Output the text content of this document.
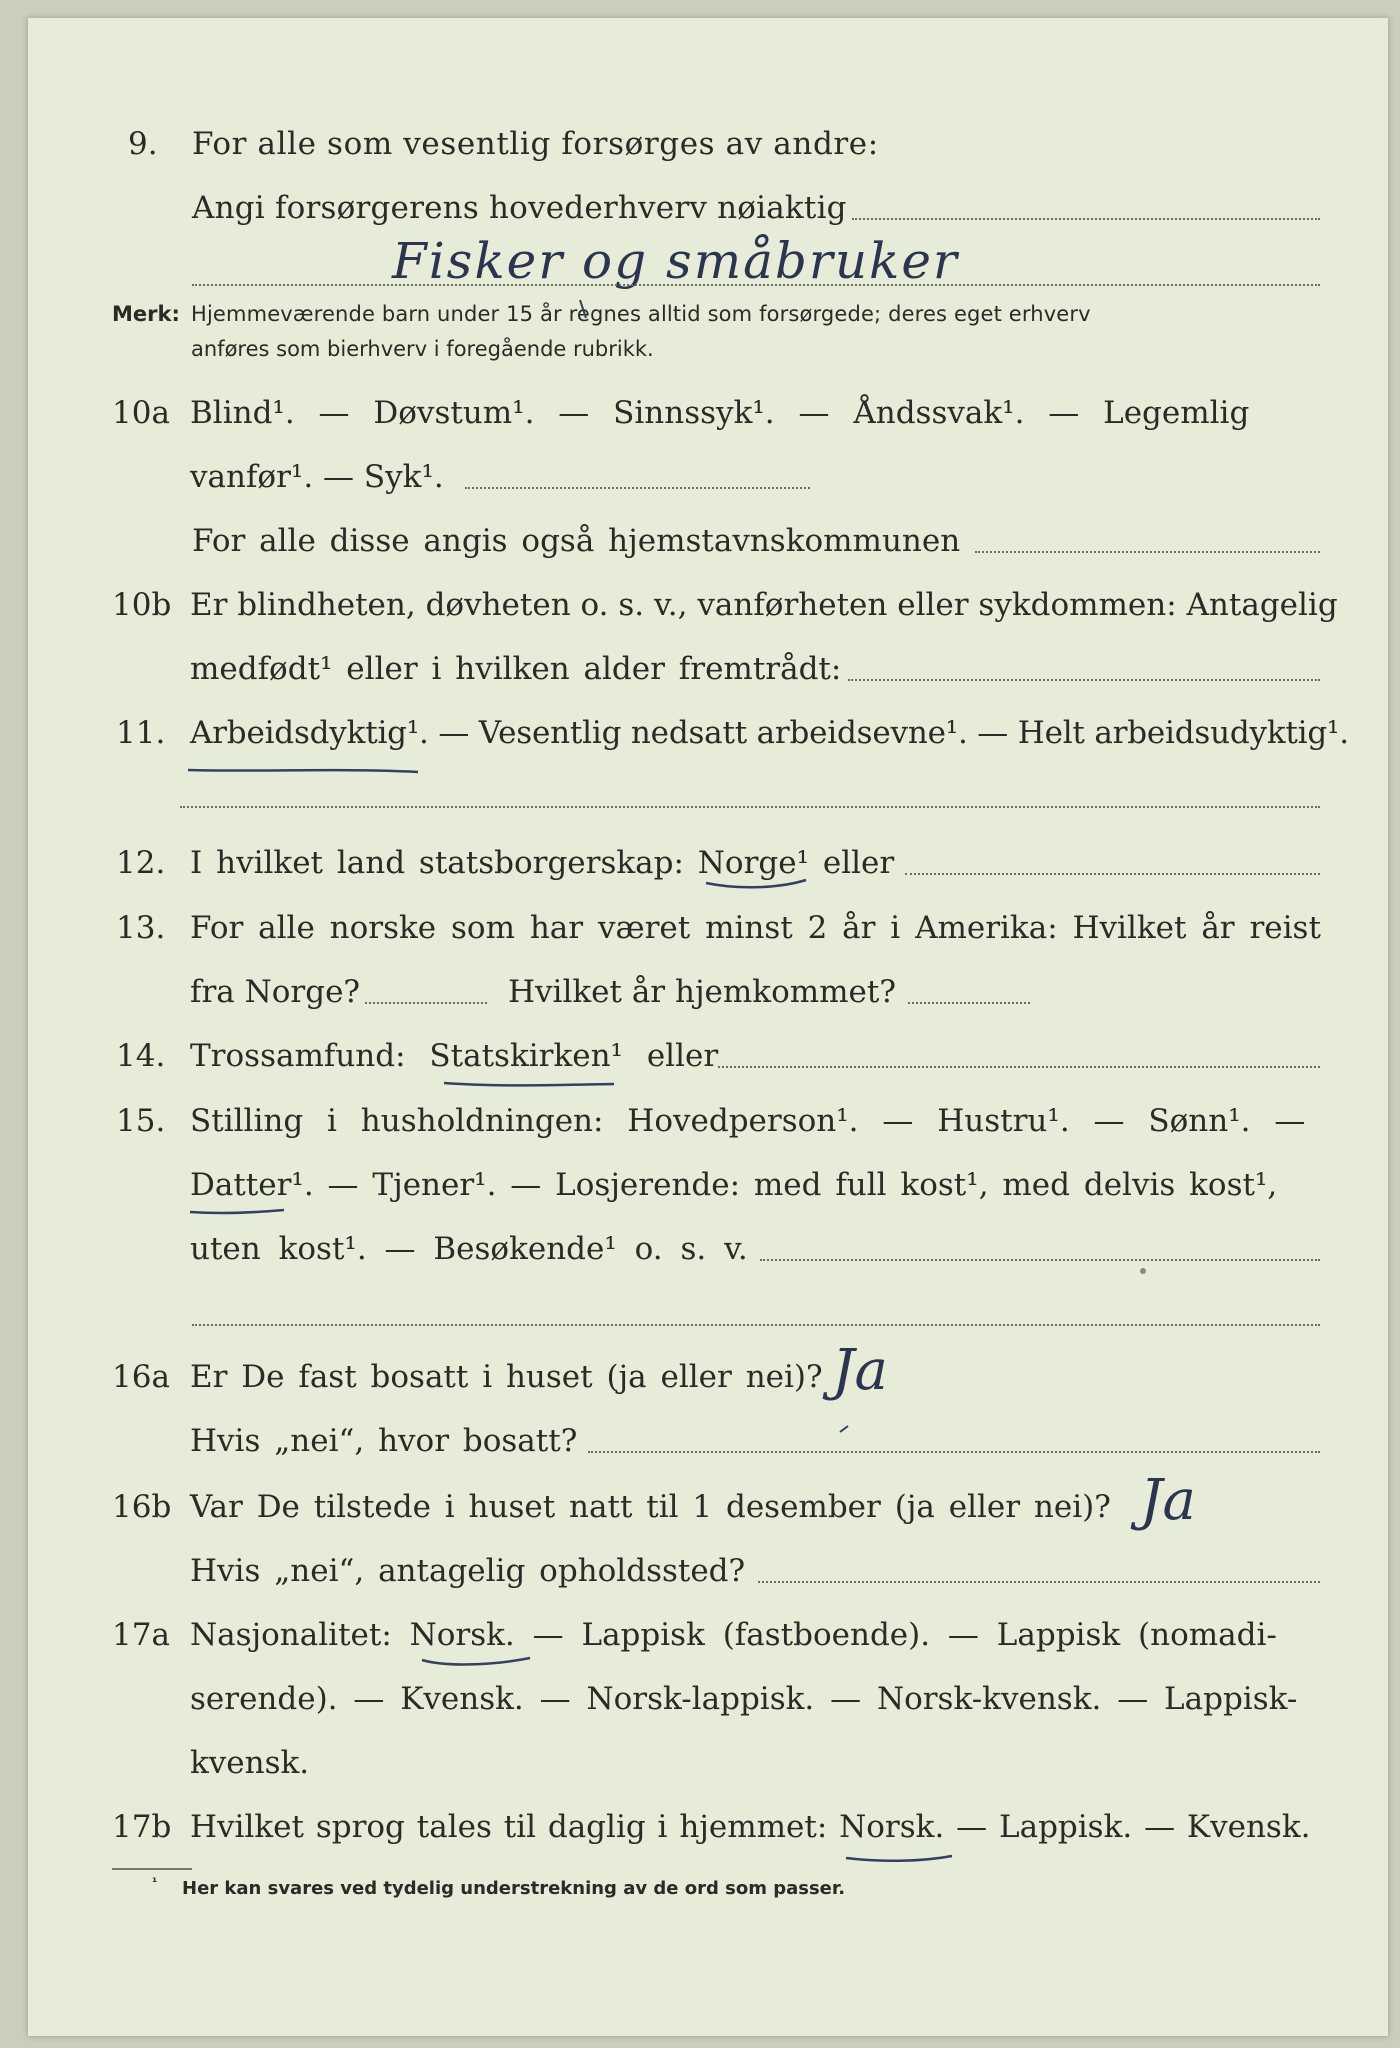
9. For alle som vesentlig forsørges av andre:
Angi forsørgerens hovederhverv nøiaktig
Fisker og småbruker
Merk: Hjemmeværende barn under 15 år regnes alltid som forsørgede; deres eget erhverv
anføres som bierhverv i foregående rubrikk.
10a Blind¹. — Døvstum¹. — Sinnssyk¹. — Åndssvak¹. — Legemlig
vanfør¹. — Syk¹.
For alle disse angis også hjemstavnskommunen
10b Er blindheten, døvheten o. s. v., vanførheten eller sykdommen: Antagelig
medfødt¹ eller i hvilken alder fremtrådt:
11. Arbeidsdyktig¹. — Vesentlig nedsatt arbeidsevne¹. — Helt arbeidsudyktig¹.
12. I hvilket land statsborgerskap: Norge¹ eller
13. For alle norske som har været minst 2 år i Amerika: Hvilket år reist
fra Norge?	Hvilket år hjemkommet?
14. Trossamfund: Statskirken¹ eller
15. Stilling i husholdningen: Hovedperson¹. — Hustru¹. — Sønn¹. —
Datter¹. — Tjener¹. — Losjerende: med full kost¹, med delvis kost¹,
uten kost¹. — Besøkende¹ o. s. v.
16a Er De fast bosatt i huset (ja eller nei)? Ja
Hvis „nei“, hvor bosatt?
16b Var De tilstede i huset natt til 1 desember (ja eller nei)? Ja
Hvis „nei“, antagelig opholdssted?
17a Nasjonalitet: Norsk. — Lappisk (fastboende). — Lappisk (nomadi-
serende). — Kvensk. — Norsk-lappisk. — Norsk-kvensk. — Lappisk-
kvensk.
17b Hvilket sprog tales til daglig i hjemmet: Norsk. — Lappisk. — Kvensk.
¹ Her kan svares ved tydelig understrekning av de ord som passer.
